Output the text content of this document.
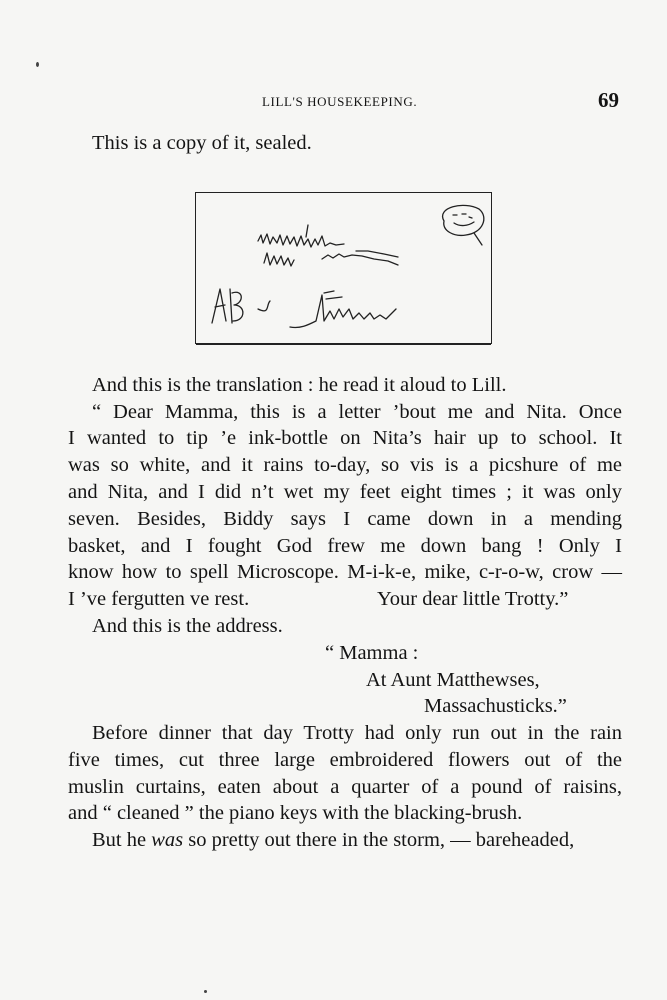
LILL'S HOUSEKEEPING.	69
This is a copy of it, sealed.
And this is the translation : he read it aloud to Lill.
“ Dear Mamma, this is a letter ’bout me and Nita. Once
I wanted to tip ’e ink-bottle on Nita’s hair up to school. It
was so white, and it rains to-day, so vis is a picshure of me
and Nita, and I did n’t wet my feet eight times ; it was only
seven. Besides, Biddy says I came down in a mending
basket, and I fought God frew me down bang ! Only I
know how to spell Microscope. M-i-k-e, mike, c-r-o-w, crow —
I ’ve fergutten ve rest.	Your dear little Trotty.”
And this is the address.
“ Mamma :
At Aunt Matthewses,
Massachusticks.”
Before dinner that day Trotty had only run out in the rain
five times, cut three large embroidered flowers out of the
muslin curtains, eaten about a quarter of a pound of raisins,
and “ cleaned ” the piano keys with the blacking-brush.
But he was so pretty out there in the storm, — bareheaded,
